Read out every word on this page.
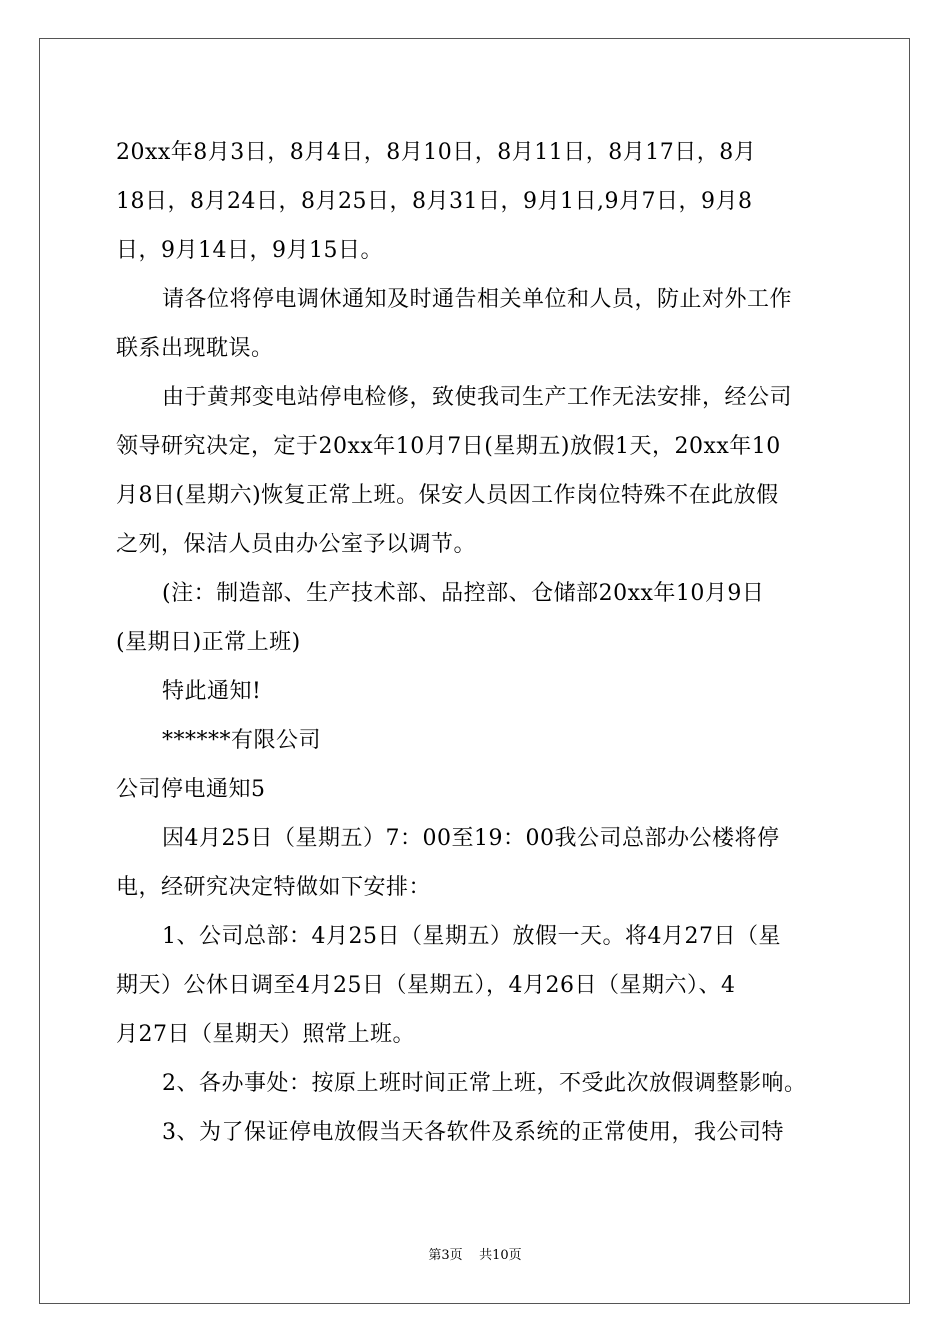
20xx年8月3日，8月4日，8月10日，8月11日，8月17日，8月
18日，8月24日，8月25日，8月31日，9月1日,9月7日，9月8
日，9月14日，9月15日。
请各位将停电调休通知及时通告相关单位和人员，防止对外工作
联系出现耽误。
由于黄邦变电站停电检修，致使我司生产工作无法安排，经公司
领导研究决定，定于20xx年10月7日(星期五)放假1天，20xx年10
月8日(星期六)恢复正常上班。保安人员因工作岗位特殊不在此放假
之列，保洁人员由办公室予以调节。
(注：制造部、生产技术部、品控部、仓储部20xx年10月9日
(星期日)正常上班)
特此通知!
******有限公司
公司停电通知5
因4月25日（星期五）7：00至19：00我公司总部办公楼将停
电，经研究决定特做如下安排：
1、公司总部：4月25日（星期五）放假一天。将4月27日（星
期天）公休日调至4月25日（星期五），4月26日（星期六）、4
月27日（星期天）照常上班。
2、各办事处：按原上班时间正常上班，不受此次放假调整影响。
3、为了保证停电放假当天各软件及系统的正常使用，我公司特
第3页 共10页
